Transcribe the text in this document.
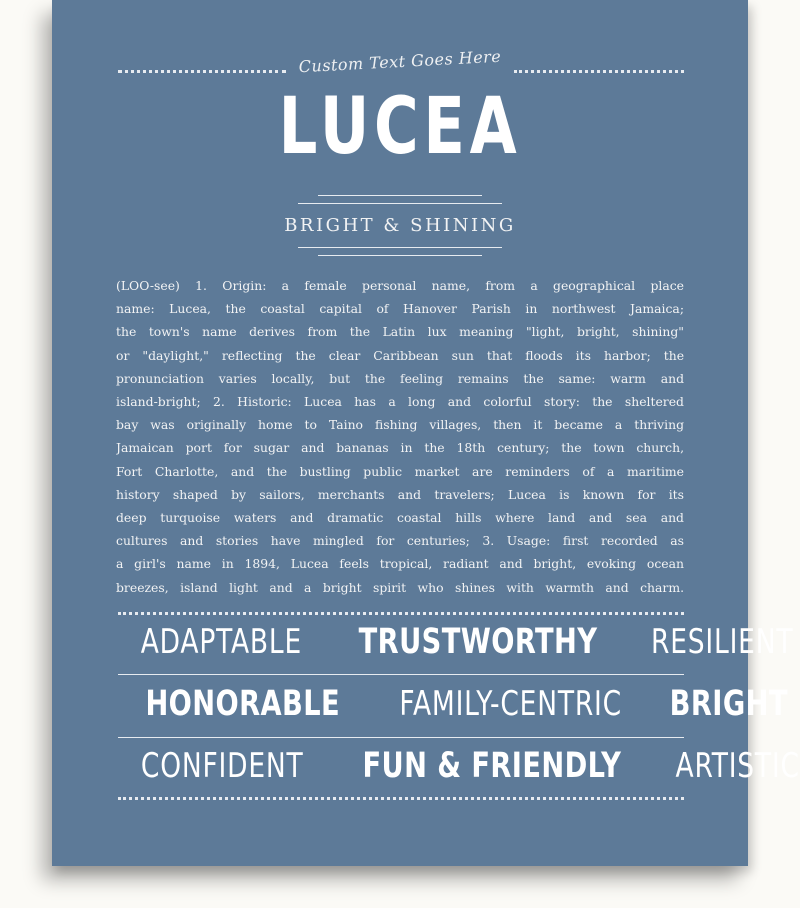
Custom Text Goes Here
LUCEA
BRIGHT & SHINING
(LOO-see) 1. Origin: a female personal name, from a geographical place
name: Lucea, the coastal capital of Hanover Parish in northwest Jamaica;
the town's name derives from the Latin lux meaning "light, bright, shining"
or "daylight," reflecting the clear Caribbean sun that floods its harbor; the
pronunciation varies locally, but the feeling remains the same: warm and
island-bright; 2. Historic: Lucea has a long and colorful story: the sheltered
bay was originally home to Taino fishing villages, then it became a thriving
Jamaican port for sugar and bananas in the 18th century; the town church,
Fort Charlotte, and the bustling public market are reminders of a maritime
history shaped by sailors, merchants and travelers; Lucea is known for its
deep turquoise waters and dramatic coastal hills where land and sea and
cultures and stories have mingled for centuries; 3. Usage: first recorded as
a girl's name in 1894, Lucea feels tropical, radiant and bright, evoking ocean
breezes, island light and a bright spirit who shines with warmth and charm.
ADAPTABLE TRUSTWORTHY RESILIENT
HONORABLE FAMILY-CENTRIC BRIGHT
CONFIDENT FUN & FRIENDLY ARTISTIC
